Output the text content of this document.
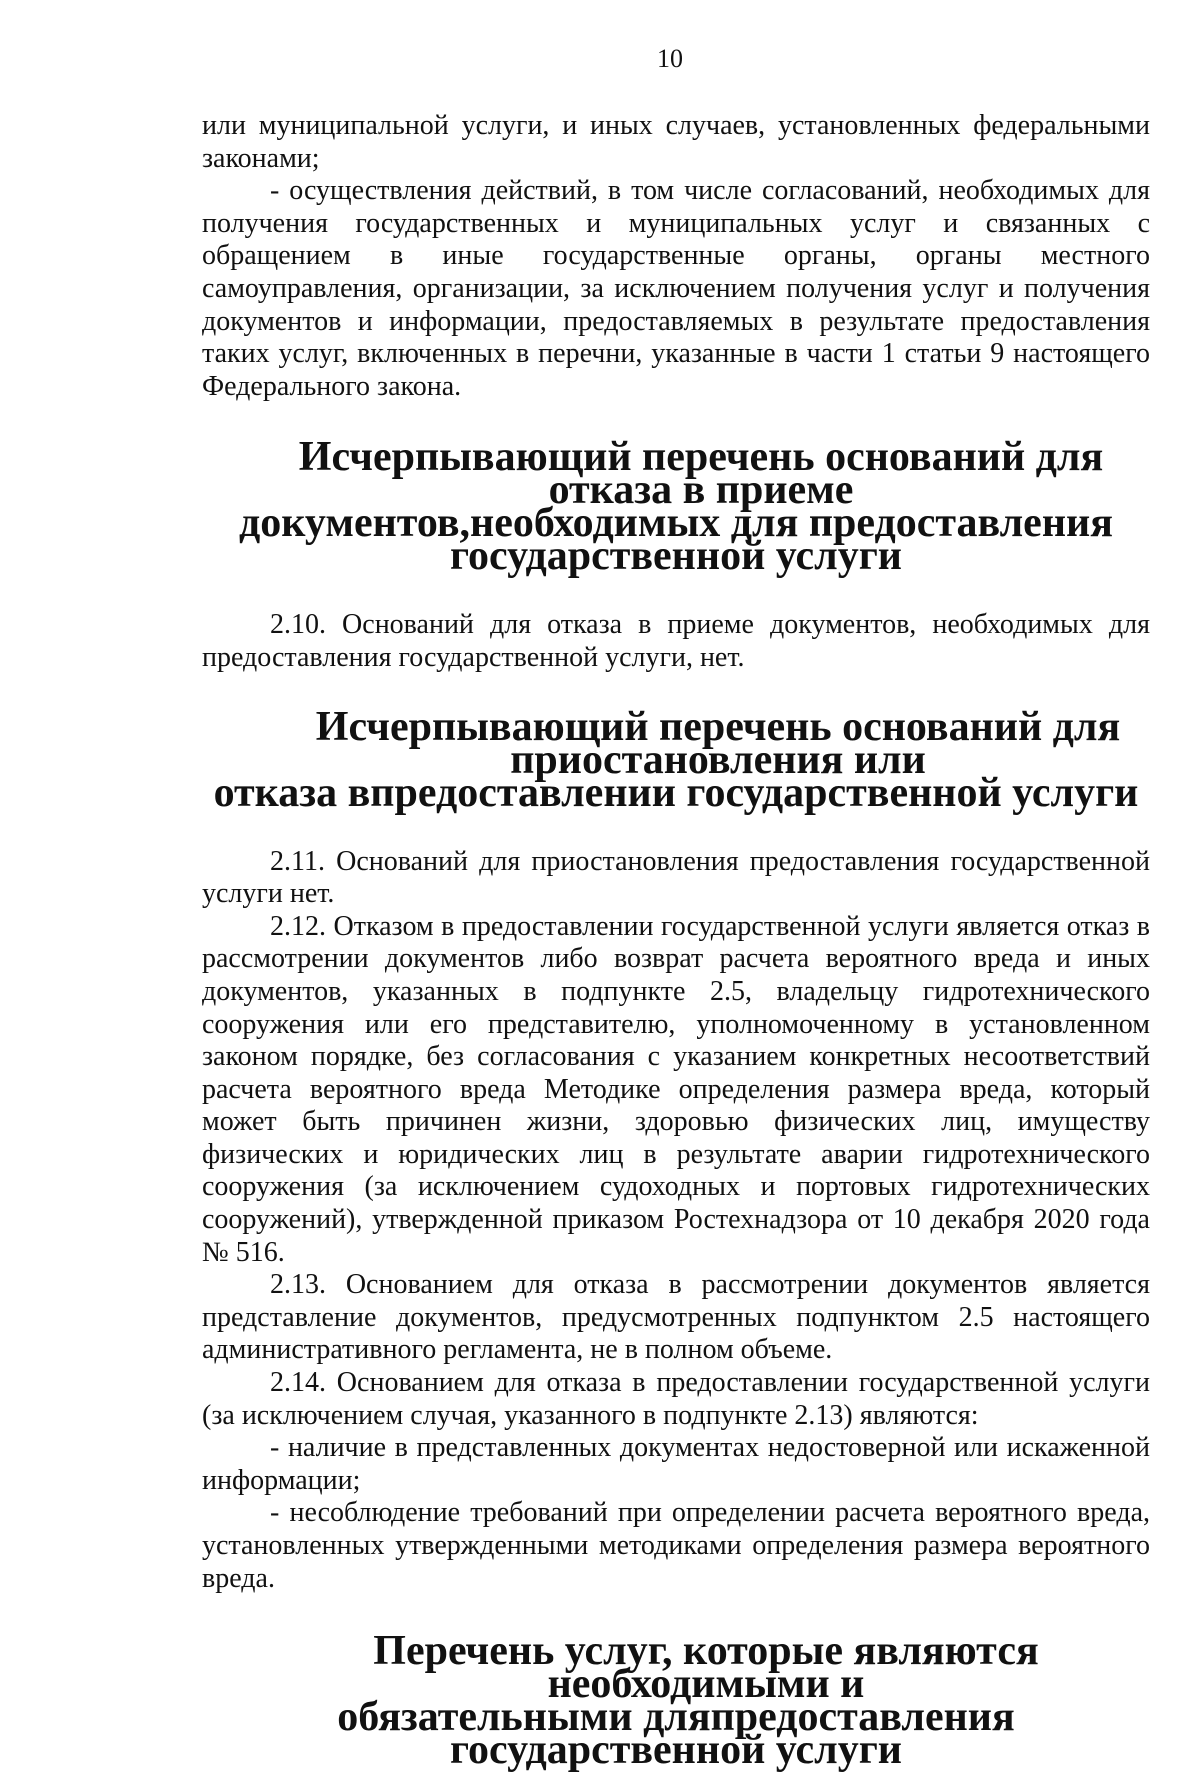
10

или муниципальной услуги, и иных случаев, установленных федеральными законами;

- осуществления действий, в том числе согласований, необходимых для получения государственных и муниципальных услуг и связанных с обращением в иные государственные органы, органы местного самоуправления, организации, за исключением получения услуг и получения документов и информации, предоставляемых в результате предоставления таких услуг, включенных в перечни, указанные в части 1 статьи 9 настоящего Федерального закона.

Исчерпывающий перечень оснований для отказа в приеме
документов,необходимых для предоставления государственной услуги

2.10. Оснований для отказа в приеме документов, необходимых для предоставления государственной услуги, нет.

Исчерпывающий перечень оснований для приостановления или
отказа впредоставлении государственной услуги

2.11. Оснований для приостановления предоставления государственной услуги нет.

2.12. Отказом в предоставлении государственной услуги является отказ в рассмотрении документов либо возврат расчета вероятного вреда и иных документов, указанных в подпункте 2.5, владельцу гидротехнического сооружения или его представителю, уполномоченному в установленном законом порядке, без согласования с указанием конкретных несоответствий расчета вероятного вреда Методике определения размера вреда, который может быть причинен жизни, здоровью физических лиц, имуществу физических и юридических лиц в результате аварии гидротехнического сооружения (за исключением судоходных и портовых гидротехнических сооружений), утвержденной приказом Ростехнадзора от 10 декабря 2020 года № 516.

2.13. Основанием для отказа в рассмотрении документов является представление документов, предусмотренных подпунктом 2.5 настоящего административного регламента, не в полном объеме.

2.14. Основанием для отказа в предоставлении государственной услуги (за исключением случая, указанного в подпункте 2.13) являются:

- наличие в представленных документах недостоверной или искаженной информации;

- несоблюдение требований при определении расчета вероятного вреда, установленных утвержденными методиками определения размера вероятного вреда.

Перечень услуг, которые являются необходимыми и
обязательными дляпредоставления государственной услуги
